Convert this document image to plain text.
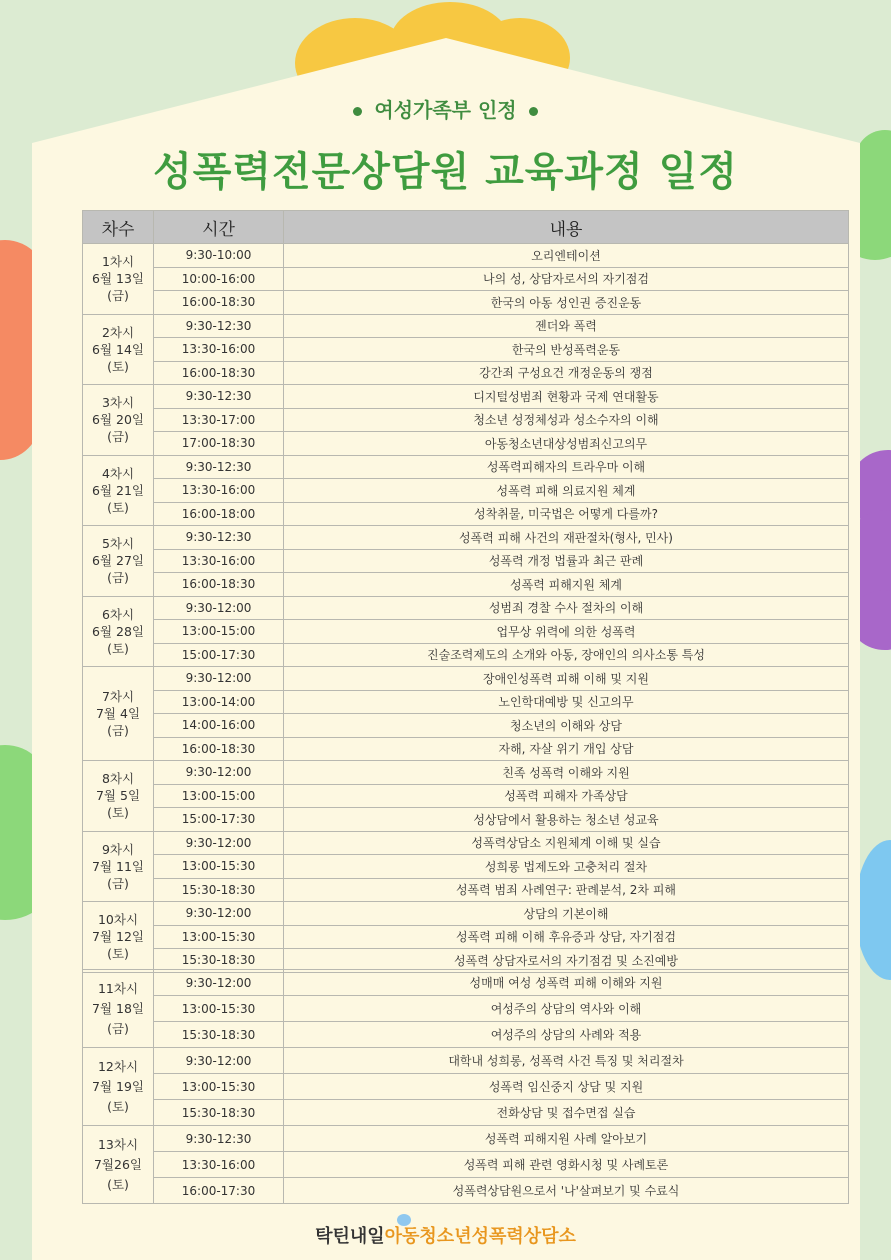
여성가족부 인정
성폭력전문상담원 교육과정 일정
차수	시간	내용
1차시
6월 13일
(금)	9:30-10:00	오리엔테이션
	10:00-16:00	나의 성, 상담자로서의 자기점검
	16:00-18:30	한국의 아동 성인권 증진운동
2차시
6월 14일
(토)	9:30-12:30	젠더와 폭력
	13:30-16:00	한국의 반성폭력운동
	16:00-18:30	강간죄 구성요건 개정운동의 쟁점
3차시
6월 20일
(금)	9:30-12:30	디지털성범죄 현황과 국제 연대활동
	13:30-17:00	청소년 성정체성과 성소수자의 이해
	17:00-18:30	아동청소년대상성범죄신고의무
4차시
6월 21일
(토)	9:30-12:30	성폭력피해자의 트라우마 이해
	13:30-16:00	성폭력 피해 의료지원 체계
	16:00-18:00	성착취물, 미국법은 어떻게 다를까?
5차시
6월 27일
(금)	9:30-12:30	성폭력 피해 사건의 재판절차(형사, 민사)
	13:30-16:00	성폭력 개정 법률과 최근 판례
	16:00-18:30	성폭력 피해지원 체계
6차시
6월 28일
(토)	9:30-12:00	성범죄 경찰 수사 절차의 이해
	13:00-15:00	업무상 위력에 의한 성폭력
	15:00-17:30	진술조력제도의 소개와 아동, 장애인의 의사소통 특성
7차시
7월 4일
(금)	9:30-12:00	장애인성폭력 피해 이해 및 지원
	13:00-14:00	노인학대예방 및 신고의무
	14:00-16:00	청소년의 이해와 상담
	16:00-18:30	자해, 자살 위기 개입 상담
8차시
7월 5일
(토)	9:30-12:00	친족 성폭력 이해와 지원
	13:00-15:00	성폭력 피해자 가족상담
	15:00-17:30	성상담에서 활용하는 청소년 성교육
9차시
7월 11일
(금)	9:30-12:00	성폭력상담소 지원체계 이해 및 실습
	13:00-15:30	성희롱 법제도와 고충처리 절차
	15:30-18:30	성폭력 범죄 사례연구: 판례분석, 2차 피해
10차시
7월 12일
(토)	9:30-12:00	상담의 기본이해
	13:00-15:30	성폭력 피해 이해 후유증과 상담, 자기점검
	15:30-18:30	성폭력 상담자로서의 자기점검 및 소진예방
11차시
7월 18일
(금)	9:30-12:00	성매매 여성 성폭력 피해 이해와 지원
	13:00-15:30	여성주의 상담의 역사와 이해
	15:30-18:30	여성주의 상담의 사례와 적용
12차시
7월 19일
(토)	9:30-12:00	대학내 성희롱, 성폭력 사건 특징 및 처리절차
	13:00-15:30	성폭력 임신중지 상담 및 지원
	15:30-18:30	전화상담 및 접수면접 실습
13차시
7월26일
(토)	9:30-12:30	성폭력 피해지원 사례 알아보기
	13:30-16:00	성폭력 피해 관련 영화시청 및 사례토론
	16:00-17:30	성폭력상담원으로서 '나'살펴보기 및 수료식
탁틴내일아동청소년성폭력상담소
